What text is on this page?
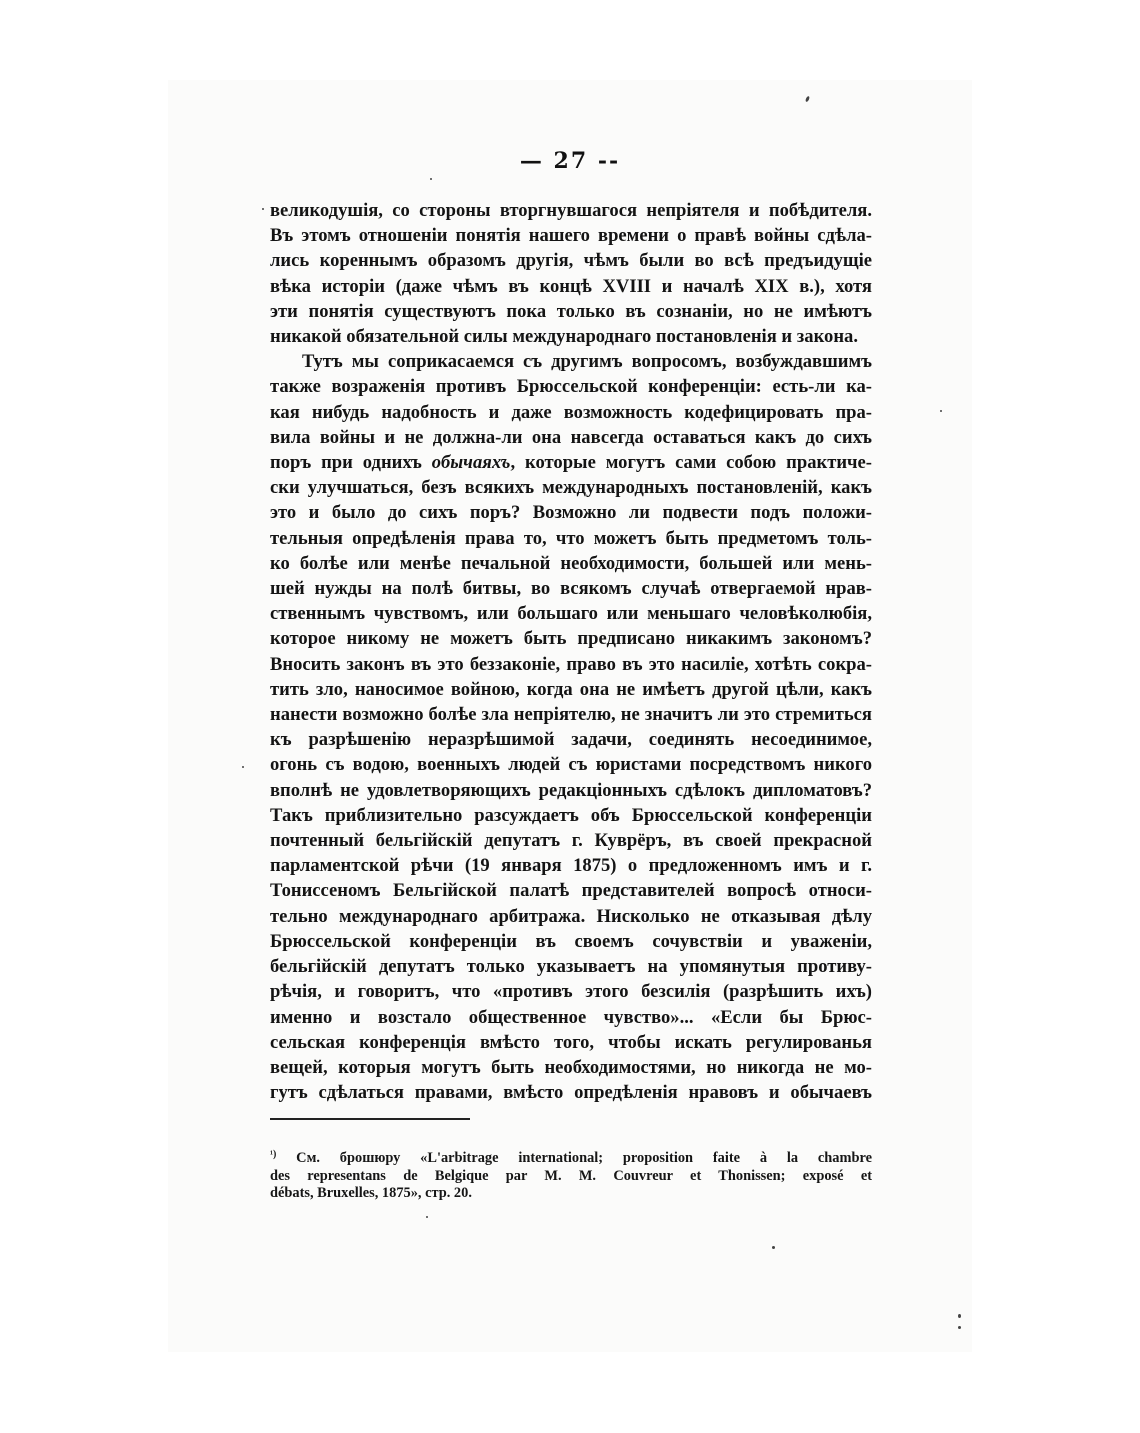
— 27 --
великодушія, со стороны вторгнувшагося непріятеля и побѣдителя.
Въ этомъ отношеніи понятія нашего времени о правѣ войны сдѣла-
лись кореннымъ образомъ другія, чѣмъ были во всѣ предъидущіе
вѣка исторіи (даже чѣмъ въ концѣ XVIII и началѣ XIX в.), хотя
эти понятія существуютъ пока только въ сознаніи, но не имѣютъ
никакой обязательной силы международнаго постановленія и закона.
Тутъ мы соприкасаемся съ другимъ вопросомъ, возбуждавшимъ
также возраженія противъ Брюссельской конференціи: есть-ли ка-
кая нибудь надобность и даже возможность кодефицировать пра-
вила войны и не должна-ли она навсегда оставаться какъ до сихъ
поръ при однихъ обычаяхъ, которые могутъ сами собою практиче-
ски улучшаться, безъ всякихъ международныхъ постановленій, какъ
это и было до сихъ поръ? Возможно ли подвести подъ положи-
тельныя опредѣленія права то, что можетъ быть предметомъ толь-
ко болѣе или менѣе печальной необходимости, большей или мень-
шей нужды на полѣ битвы, во всякомъ случаѣ отвергаемой нрав-
ственнымъ чувствомъ, или большаго или меньшаго человѣколюбія,
которое никому не можетъ быть предписано никакимъ закономъ?
Вносить законъ въ это беззаконіе, право въ это насиліе, хотѣть сокра-
тить зло, наносимое войною, когда она не имѣетъ другой цѣли, какъ
нанести возможно болѣе зла непріятелю, не значитъ ли это стремиться
къ разрѣшенію неразрѣшимой задачи, соединять несоединимое,
огонь съ водою, военныхъ людей съ юристами посредствомъ никого
вполнѣ не удовлетворяющихъ редакціонныхъ сдѣлокъ дипломатовъ?
Такъ приблизительно разсуждаетъ объ Брюссельской конференціи
почтенный бельгійскій депутатъ г. Куврёръ, въ своей прекрасной
парламентской рѣчи (19 января 1875) о предложенномъ имъ и г.
Тониссеномъ Бельгійской палатѣ представителей вопросѣ относи-
тельно международнаго арбитража. Нисколько не отказывая дѣлу
Брюссельской конференціи въ своемъ сочувствіи и уваженіи,
бельгійскій депутатъ только указываетъ на упомянутыя противу-
рѣчія, и говоритъ, что «противъ этого безсилія (разрѣшить ихъ)
именно и возстало общественное чувство»... «Если бы Брюс-
сельская конференція вмѣсто того, чтобы искать регулированья
вещей, которыя могутъ быть необходимостями, но никогда не мо-
гутъ сдѣлаться правами, вмѣсто опредѣленія нравовъ и обычаевъ
$^{^1)}$ См. брошюру «L'arbitrage international; proposition faite à la chambre
des representans de Belgique par M. M. Couvreur et Thonissen; exposé et
débats, Bruxelles, 1875», стр. 20.
